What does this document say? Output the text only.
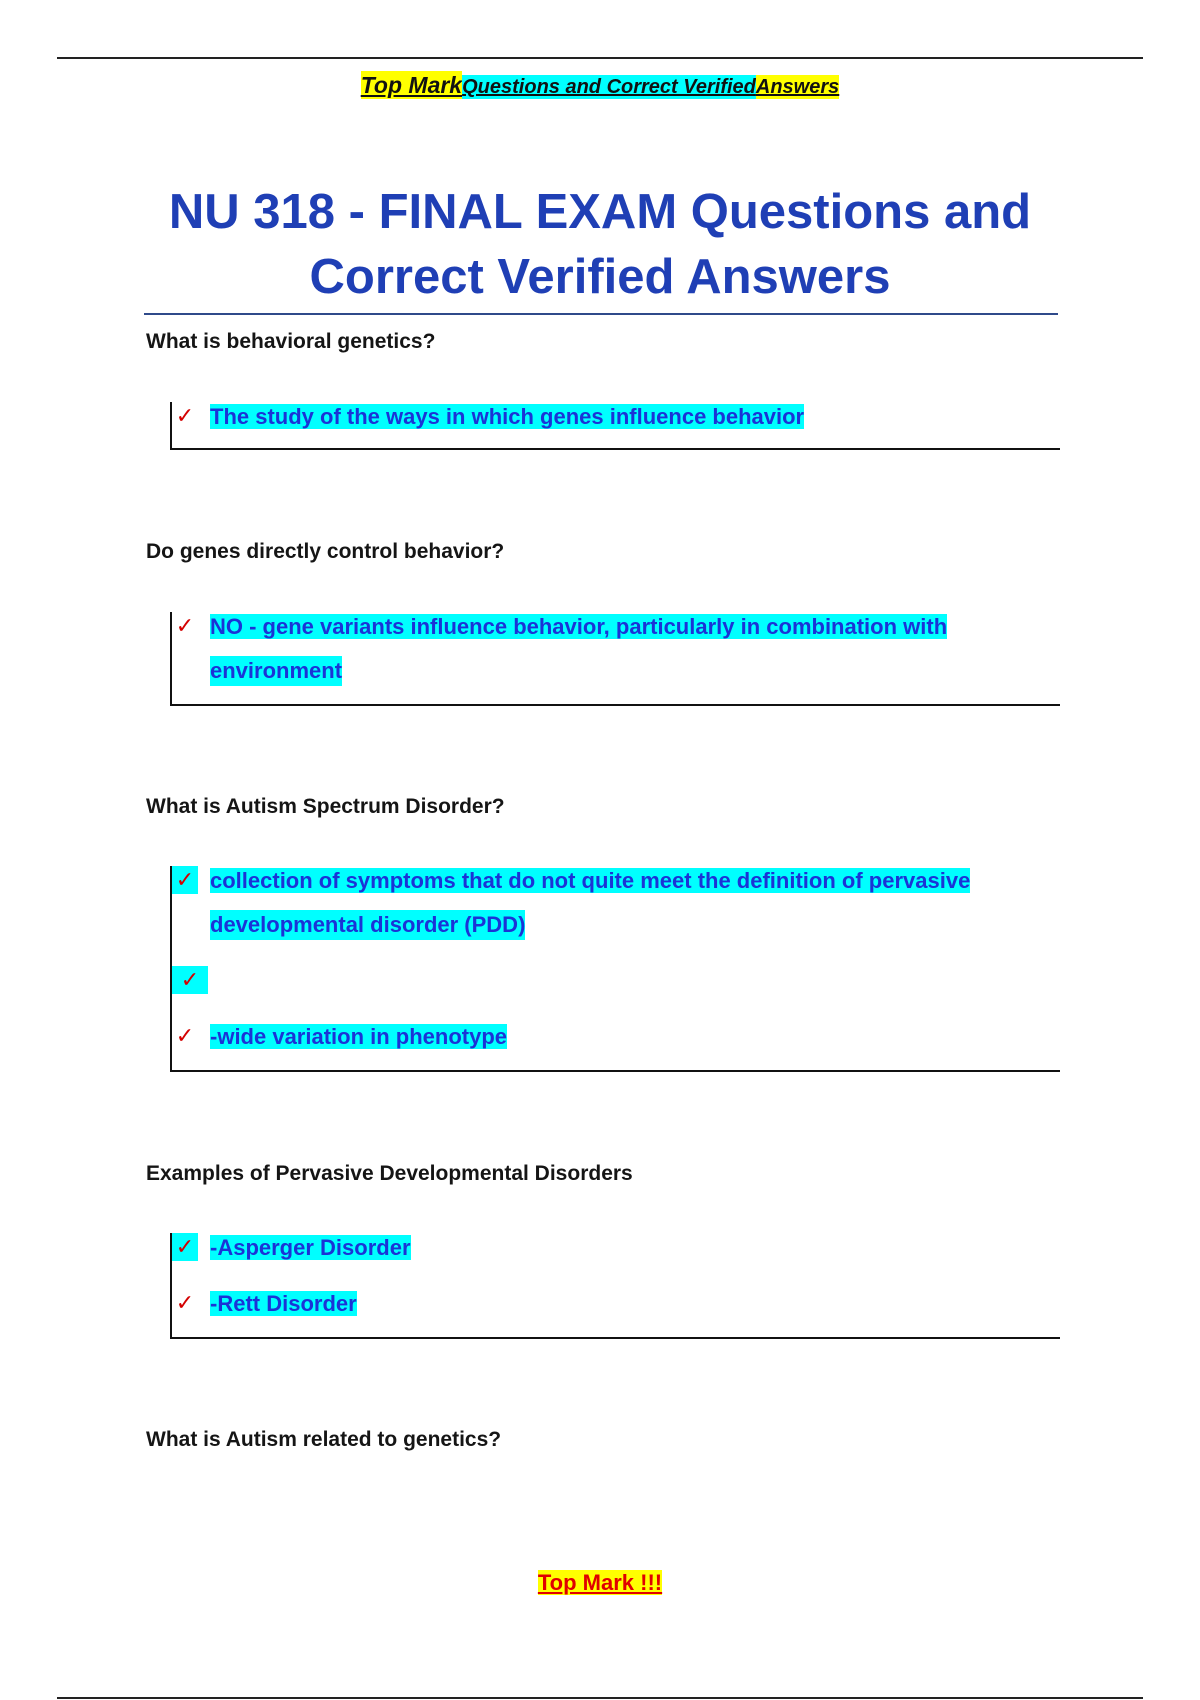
Top MarkQuestions and Correct VerifiedAnswers
NU 318 - FINAL EXAM Questions and
Correct Verified Answers
What is behavioral genetics?
✓ The study of the ways in which genes influence behavior
Do genes directly control behavior?
✓ NO - gene variants influence behavior, particularly in combination with
environment
What is Autism Spectrum Disorder?
✓ collection of symptoms that do not quite meet the definition of pervasive
developmental disorder (PDD)
✓
✓ -wide variation in phenotype
Examples of Pervasive Developmental Disorders
✓ -Asperger Disorder
✓ -Rett Disorder
What is Autism related to genetics?
Top Mark !!!
